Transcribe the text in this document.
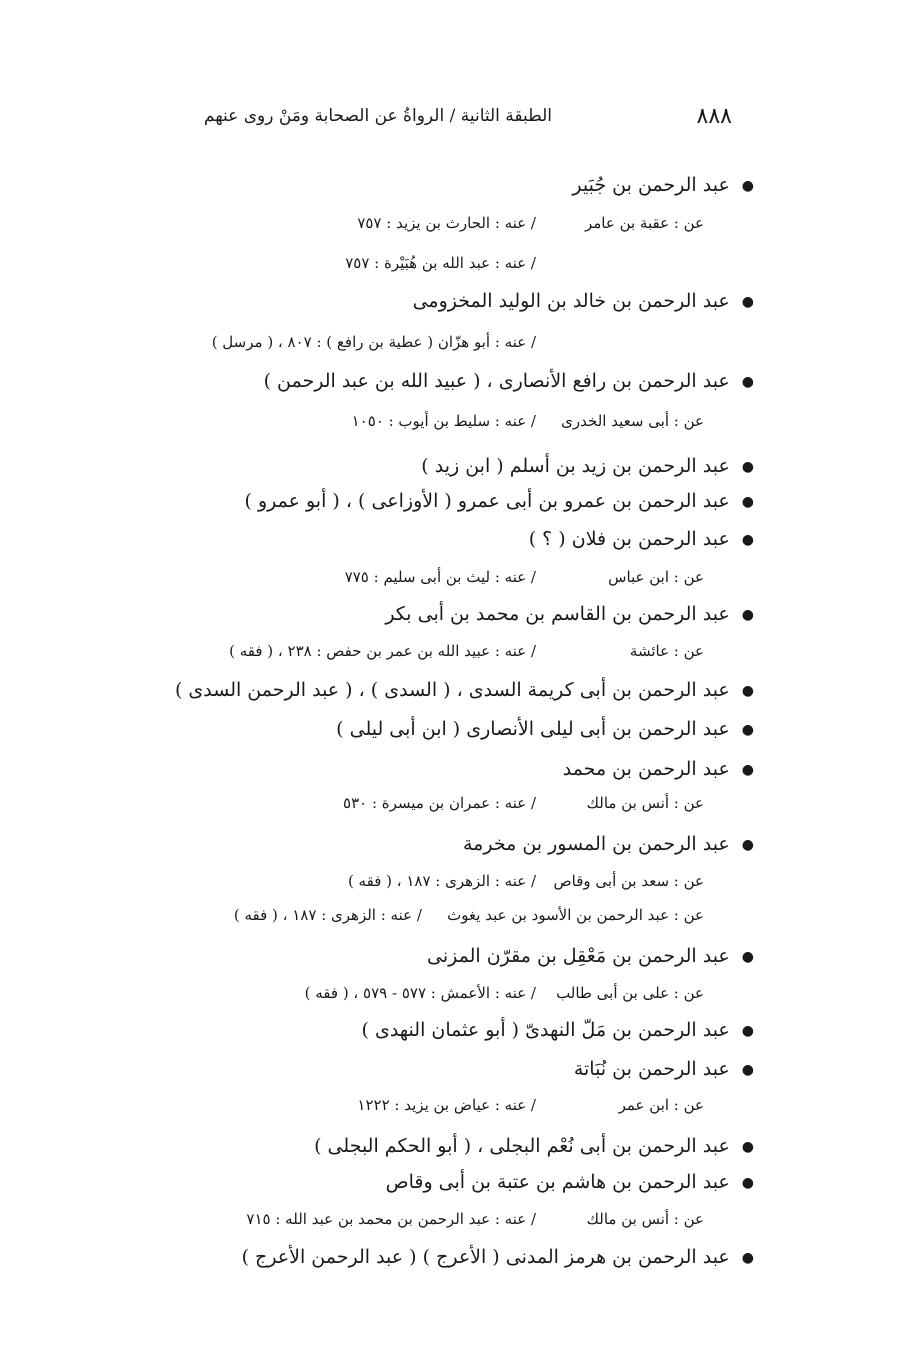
الطبقة الثانية / الرواةُ عن الصحابة ومَنْ روى عنهم	٨٨٨
●عبد الرحمن بن جُبَير
عن : عقبة بن عامر
/ عنه : الحارث بن يزيد : ٧٥٧
/ عنه : عبد الله بن هُبَيْرة : ٧٥٧
●عبد الرحمن بن خالد بن الوليد المخزومى
/ عنه : أبو هزّان ( عطية بن رافع ) : ٨٠٧ ، ( مرسل )
●عبد الرحمن بن رافع الأنصارى ، ( عبيد الله بن عبد الرحمن )
عن : أبى سعيد الخدرى
/ عنه : سليط بن أيوب : ١٠٥٠
●عبد الرحمن بن زيد بن أسلم ( ابن زيد )
●عبد الرحمن بن عمرو بن أبى عمرو ( الأوزاعى ) ، ( أبو عمرو )
●عبد الرحمن بن فلان ( ؟ )
عن : ابن عباس
/ عنه : ليث بن أبى سليم : ٧٧٥
●عبد الرحمن بن القاسم بن محمد بن أبى بكر
عن : عائشة
/ عنه : عبيد الله بن عمر بن حفص : ٢٣٨ ، ( فقه )
●عبد الرحمن بن أبى كريمة السدى ، ( السدى ) ، ( عبد الرحمن السدى )
●عبد الرحمن بن أبى ليلى الأنصارى ( ابن أبى ليلى )
●عبد الرحمن بن محمد
عن : أنس بن مالك
/ عنه : عمران بن ميسرة : ٥٣٠
●عبد الرحمن بن المسور بن مخرمة
عن : سعد بن أبى وقاص
/ عنه : الزهرى : ١٨٧ ، ( فقه )
عن : عبد الرحمن بن الأسود بن عبد يغوث
/ عنه : الزهرى : ١٨٧ ، ( فقه )
●عبد الرحمن بن مَعْقِل بن مقرّن المزنى
عن : على بن أبى طالب
/ عنه : الأعمش : ٥٧٧ - ٥٧٩ ، ( فقه )
●عبد الرحمن بن مَلّ النهدىّ ( أبو عثمان النهدى )
●عبد الرحمن بن نُبَاتة
عن : ابن عمر
/ عنه : عياض بن يزيد : ١٢٢٢
●عبد الرحمن بن أبى نُعْم البجلى ، ( أبو الحكم البجلى )
●عبد الرحمن بن هاشم بن عتبة بن أبى وقاص
عن : أنس بن مالك
/ عنه : عبد الرحمن بن محمد بن عبد الله : ٧١٥
●عبد الرحمن بن هرمز المدنى ( الأعرج ) ( عبد الرحمن الأعرج )
